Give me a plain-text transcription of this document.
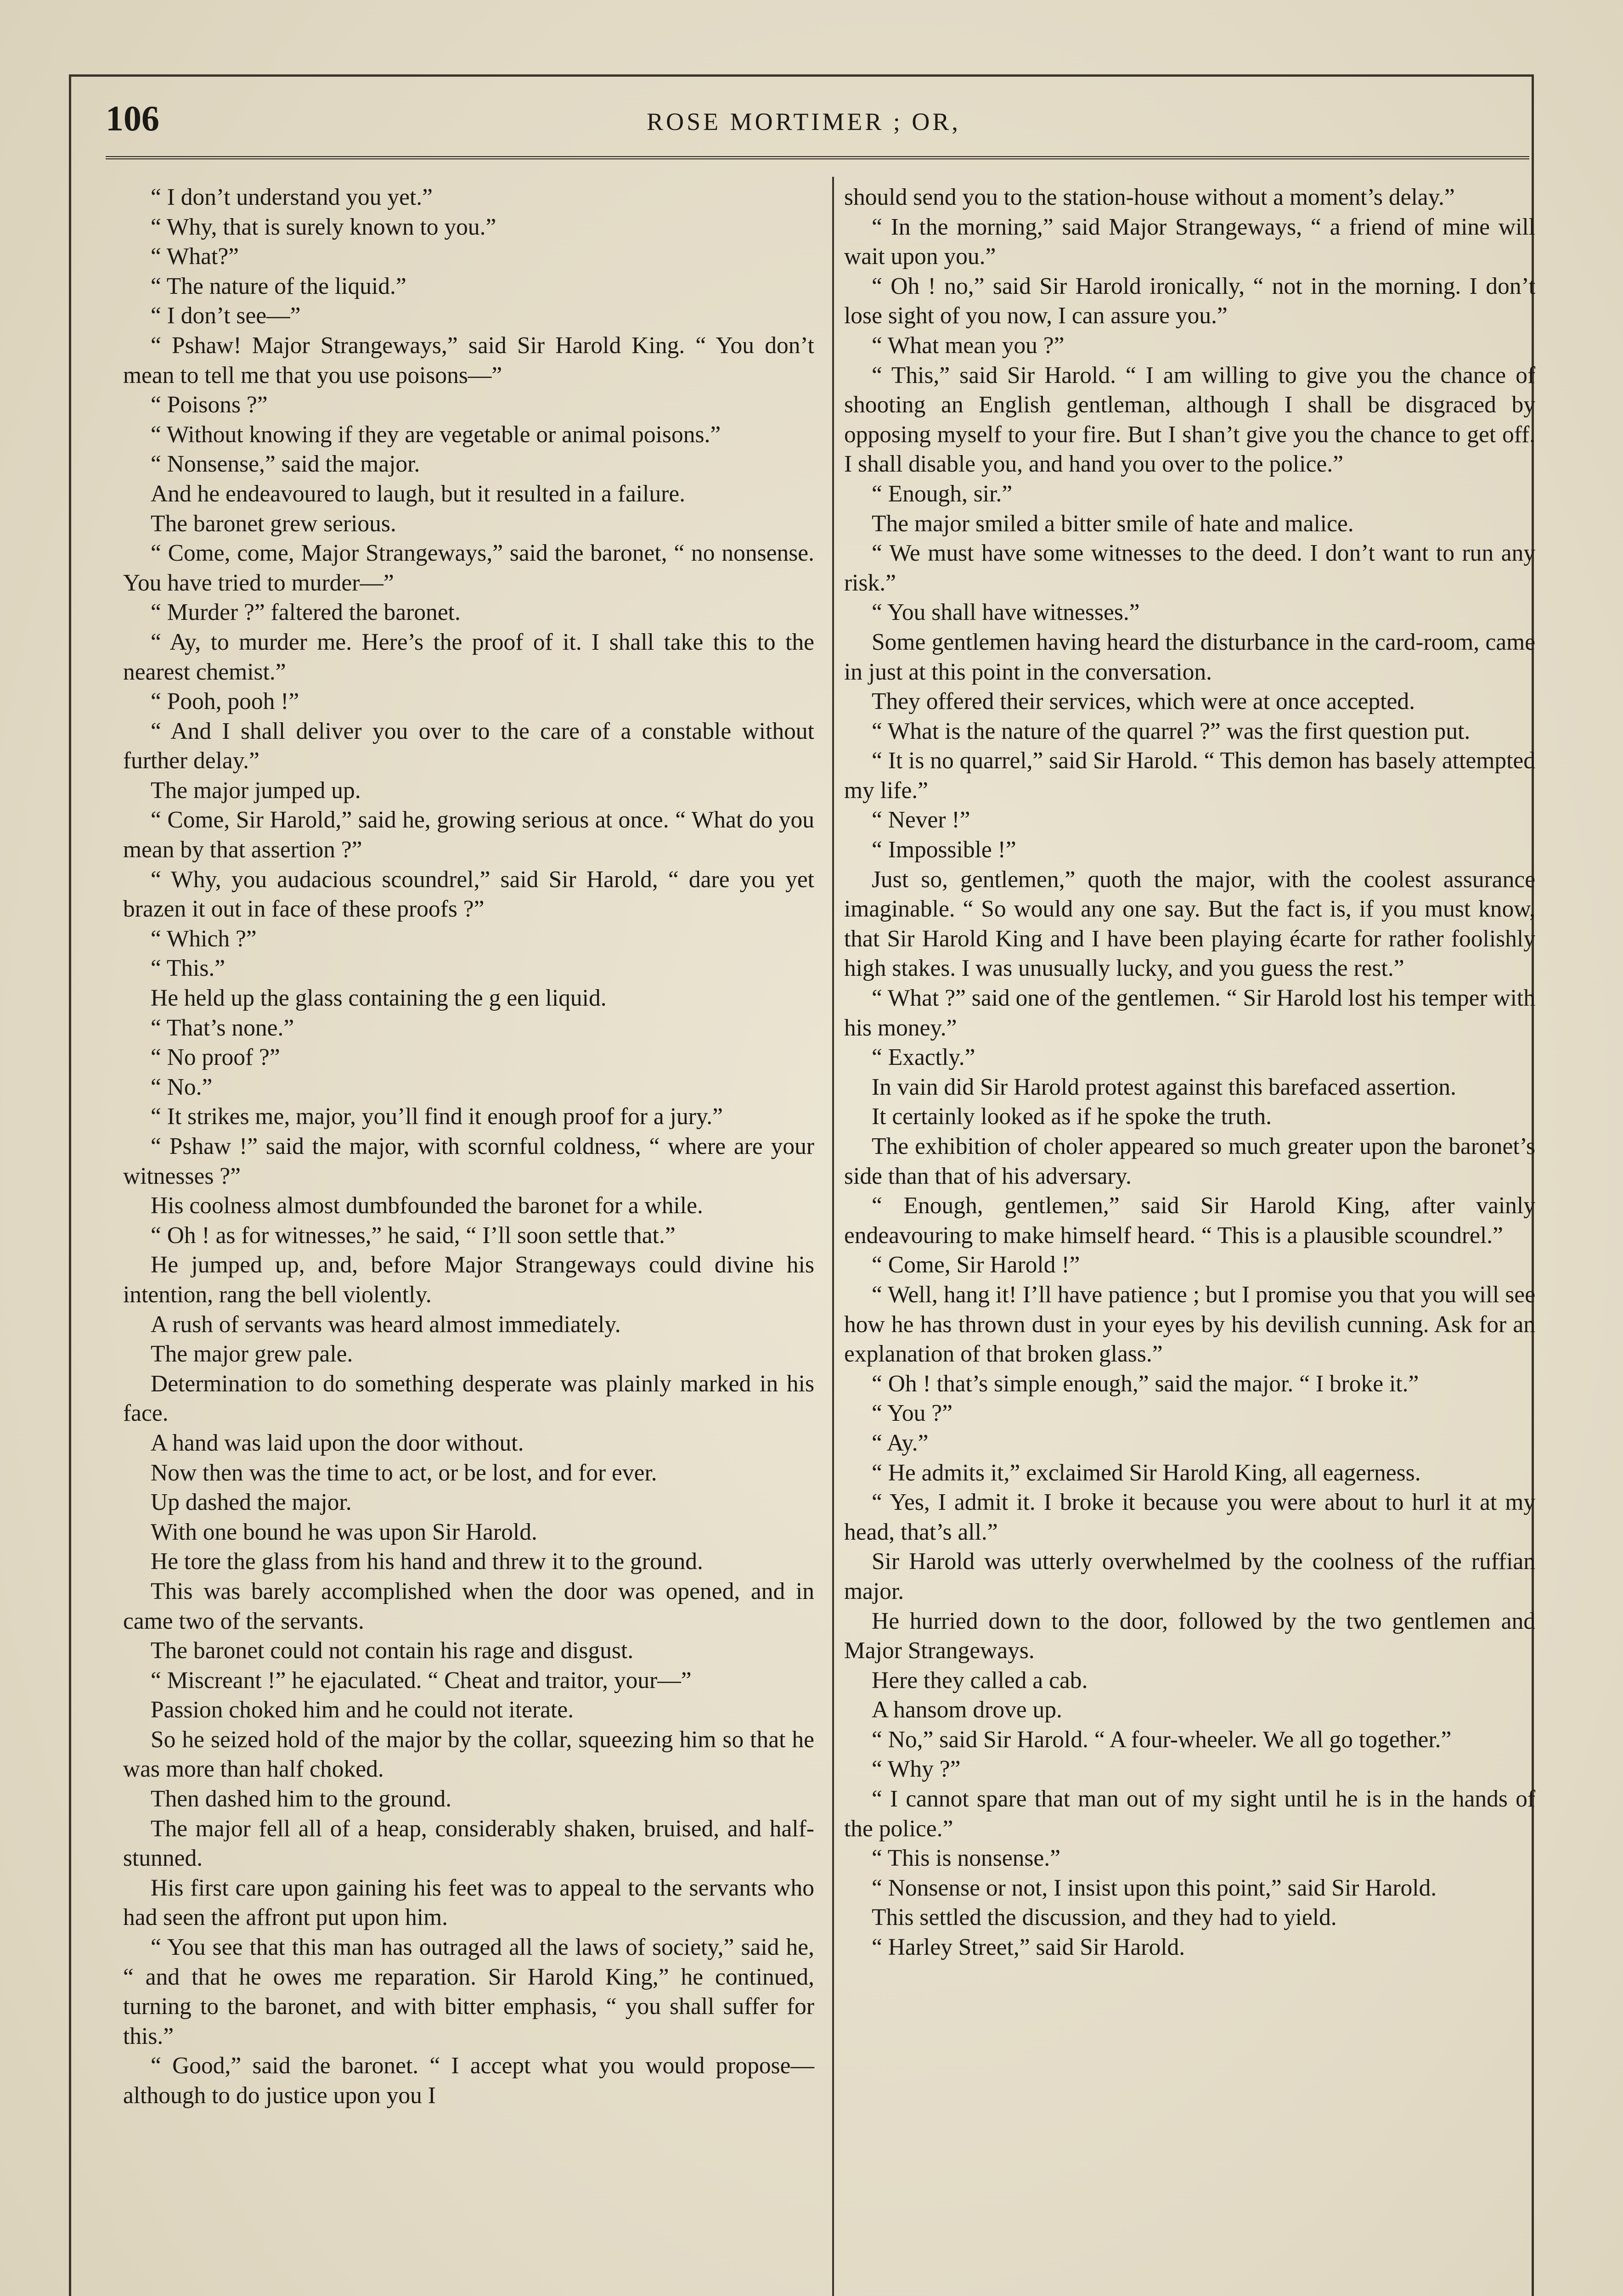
ROSE MORTIMER ; OR,
106

“ I don’t understand you yet.”

“ Why, that is surely known to you.”

“ What?”

“ The nature of the liquid.”

“ I don’t see—”

“ Pshaw! Major Strangeways,” said Sir Harold King. “ You don’t mean to tell me that you use poisons—”

“ Poisons ?”

“ Without knowing if they are vegetable or animal poisons.”

“ Nonsense,” said the major.

And he endeavoured to laugh, but it resulted in a failure.

The baronet grew serious.

“ Come, come, Major Strangeways,” said the baronet, “ no nonsense. You have tried to murder—”

“ Murder ?” faltered the baronet.

“ Ay, to murder me. Here’s the proof of it. I shall take this to the nearest chemist.”

“ Pooh, pooh !”

“ And I shall deliver you over to the care of a constable without further delay.”

The major jumped up.

“ Come, Sir Harold,” said he, growing serious at once. “ What do you mean by that assertion ?”

“ Why, you audacious scoundrel,” said Sir Harold, “ dare you yet brazen it out in face of these proofs ?”

“ Which ?”

“ This.”

He held up the glass containing the g een liquid.

“ That’s none.”

“ No proof ?”

“ No.”

“ It strikes me, major, you’ll find it enough proof for a jury.”

“ Pshaw !” said the major, with scornful coldness, “ where are your witnesses ?”

His coolness almost dumbfounded the baronet for a while.

“ Oh ! as for witnesses,” he said, “ I’ll soon settle that.”

He jumped up, and, before Major Strangeways could divine his intention, rang the bell violently.

A rush of servants was heard almost immediately.

The major grew pale.

Determination to do something desperate was plainly marked in his face.

A hand was laid upon the door without.

Now then was the time to act, or be lost, and for ever.

Up dashed the major.

With one bound he was upon Sir Harold.

He tore the glass from his hand and threw it to the ground.

This was barely accomplished when the door was opened, and in came two of the servants.

The baronet could not contain his rage and disgust.

“ Miscreant !” he ejaculated. “ Cheat and traitor, your—”

Passion choked him and he could not iterate.

So he seized hold of the major by the collar, squeezing him so that he was more than half choked.

Then dashed him to the ground.

The major fell all of a heap, considerably shaken, bruised, and half-stunned.

His first care upon gaining his feet was to appeal to the servants who had seen the affront put upon him.

“ You see that this man has outraged all the laws of society,” said he, “ and that he owes me reparation. Sir Harold King,” he continued, turning to the baronet, and with bitter emphasis, “ you shall suffer for this.”

“ Good,” said the baronet. “ I accept what you would propose—although to do justice upon you I

should send you to the station-house without a moment’s delay.”

“ In the morning,” said Major Strangeways, “ a friend of mine will wait upon you.”

“ Oh ! no,” said Sir Harold ironically, “ not in the morning. I don’t lose sight of you now, I can assure you.”

“ What mean you ?”

“ This,” said Sir Harold. “ I am willing to give you the chance of shooting an English gentleman, although I shall be disgraced by opposing myself to your fire. But I shan’t give you the chance to get off. I shall disable you, and hand you over to the police.”

“ Enough, sir.”

The major smiled a bitter smile of hate and malice.

“ We must have some witnesses to the deed. I don’t want to run any risk.”

“ You shall have witnesses.”

Some gentlemen having heard the disturbance in the card-room, came in just at this point in the conversation.

They offered their services, which were at once accepted.

“ What is the nature of the quarrel ?” was the first question put.

“ It is no quarrel,” said Sir Harold. “ This demon has basely attempted my life.”

“ Never !”

“ Impossible !”

Just so, gentlemen,” quoth the major, with the coolest assurance imaginable. “ So would any one say. But the fact is, if you must know, that Sir Harold King and I have been playing écarte for rather foolishly high stakes. I was unusually lucky, and you guess the rest.”

“ What ?” said one of the gentlemen. “ Sir Harold lost his temper with his money.”

“ Exactly.”

In vain did Sir Harold protest against this barefaced assertion.

It certainly looked as if he spoke the truth.

The exhibition of choler appeared so much greater upon the baronet’s side than that of his adversary.

“ Enough, gentlemen,” said Sir Harold King, after vainly endeavouring to make himself heard. “ This is a plausible scoundrel.”

“ Come, Sir Harold !”

“ Well, hang it! I’ll have patience ; but I promise you that you will see how he has thrown dust in your eyes by his devilish cunning. Ask for an explanation of that broken glass.”

“ Oh ! that’s simple enough,” said the major. “ I broke it.”

“ You ?”

“ Ay.”

“ He admits it,” exclaimed Sir Harold King, all eagerness.

“ Yes, I admit it. I broke it because you were about to hurl it at my head, that’s all.”

Sir Harold was utterly overwhelmed by the coolness of the ruffian major.

He hurried down to the door, followed by the two gentlemen and Major Strangeways.

Here they called a cab.

A hansom drove up.

“ No,” said Sir Harold. “ A four-wheeler. We all go together.”

“ Why ?”

“ I cannot spare that man out of my sight until he is in the hands of the police.”

“ This is nonsense.”

“ Nonsense or not, I insist upon this point,” said Sir Harold.

This settled the discussion, and they had to yield.

“ Harley Street,” said Sir Harold.
